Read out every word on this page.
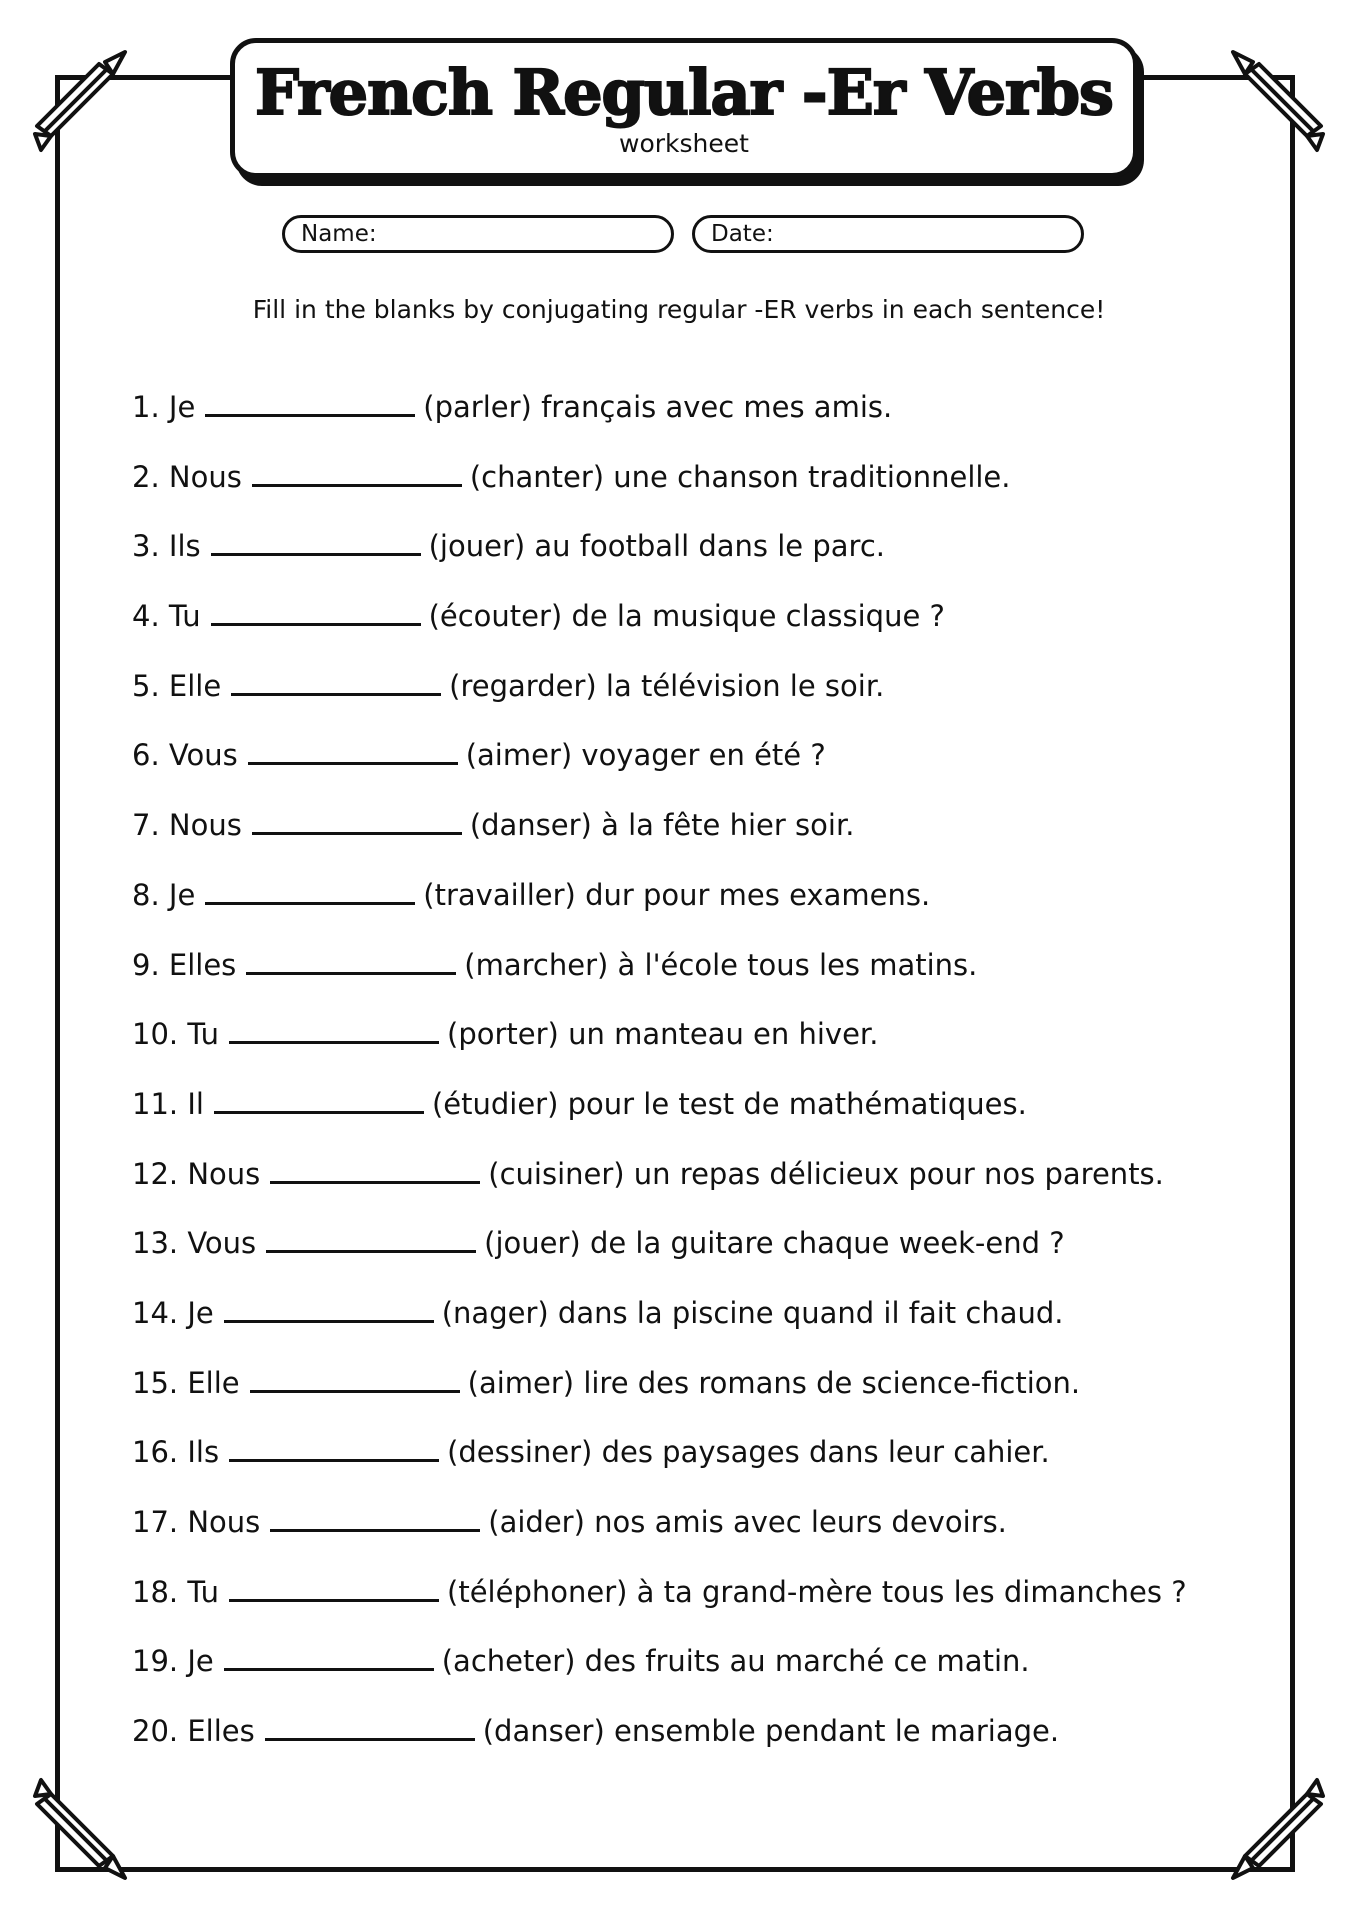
French Regular -Er Verbs
worksheet
Name:	Date:
Fill in the blanks by conjugating regular -ER verbs in each sentence!
1. Je	(parler) français avec mes amis.
2. Nous	(chanter) une chanson traditionnelle.
3. Ils	(jouer) au football dans le parc.
4. Tu	(écouter) de la musique classique ?
5. Elle	(regarder) la télévision le soir.
6. Vous	(aimer) voyager en été ?
7. Nous	(danser) à la fête hier soir.
8. Je	(travailler) dur pour mes examens.
9. Elles	(marcher) à l'école tous les matins.
10. Tu	(porter) un manteau en hiver.
11. Il	(étudier) pour le test de mathématiques.
12. Nous	(cuisiner) un repas délicieux pour nos parents.
13. Vous	(jouer) de la guitare chaque week-end ?
14. Je	(nager) dans la piscine quand il fait chaud.
15. Elle	(aimer) lire des romans de science-fiction.
16. Ils	(dessiner) des paysages dans leur cahier.
17. Nous	(aider) nos amis avec leurs devoirs.
18. Tu	(téléphoner) à ta grand-mère tous les dimanches ?
19. Je	(acheter) des fruits au marché ce matin.
20. Elles	(danser) ensemble pendant le mariage.
